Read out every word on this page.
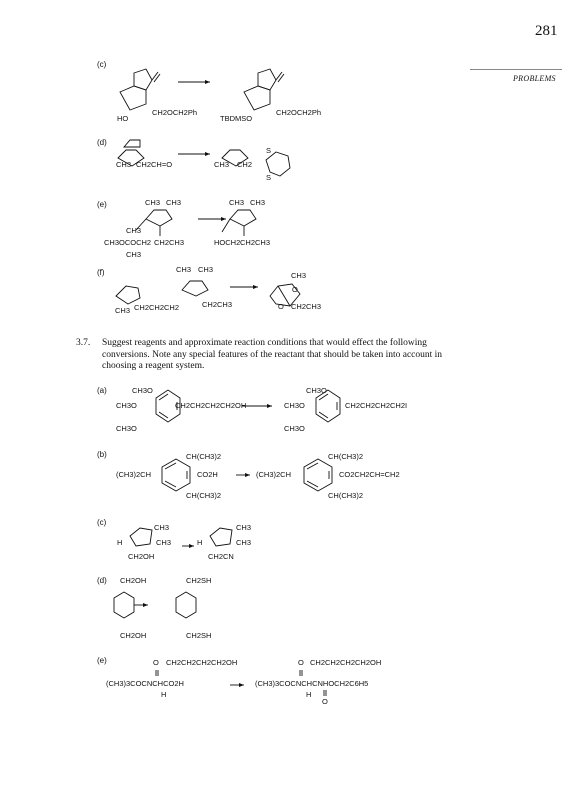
281
PROBLEMS
(c)
HO
CH2OCH2Ph
TBDMSO
CH2OCH2Ph
(d)
CH3 CH2CH=O	CH3 CH2
S
S
(e)	CH3 CH3
CH3
CH3OCOCH2 CH2CH3
CH3
CH3 CH3
HOCH2 CH2CH3
(f)	CH3 CH3
CH3 CH2CH2CH2	CH2CH3
CH3
O
O CH2CH3
3.7. Suggest reagents and approximate reaction conditions that would effect the following conversions. Note any special features of the reactant that should be taken into account in choosing a reagent system.
(a)	CH3O
CH3O	CH2CH2CH2CH2OH
CH3O
CH3O
CH3O	CH2CH2CH2CH2I
CH3O
(b)	CH(CH3)2
(CH3)2CH	CO2H
CH(CH3)2
CH(CH3)2
(CH3)2CH	CO2CH2CH=CH2
CH(CH3)2
(c)
CH3
CH3
H
CH2OH
CH3
CH3
H
CH2CN
(d) CH2OH
CH2OH
CH2SH
CH2SH
(e)	O CH2CH2CH2CH2OH
(CH3)3COCNCHCO2H
H
O CH2CH2CH2CH2OH
(CH3)3COCNCHCNHOCH2C6H5
H
O
